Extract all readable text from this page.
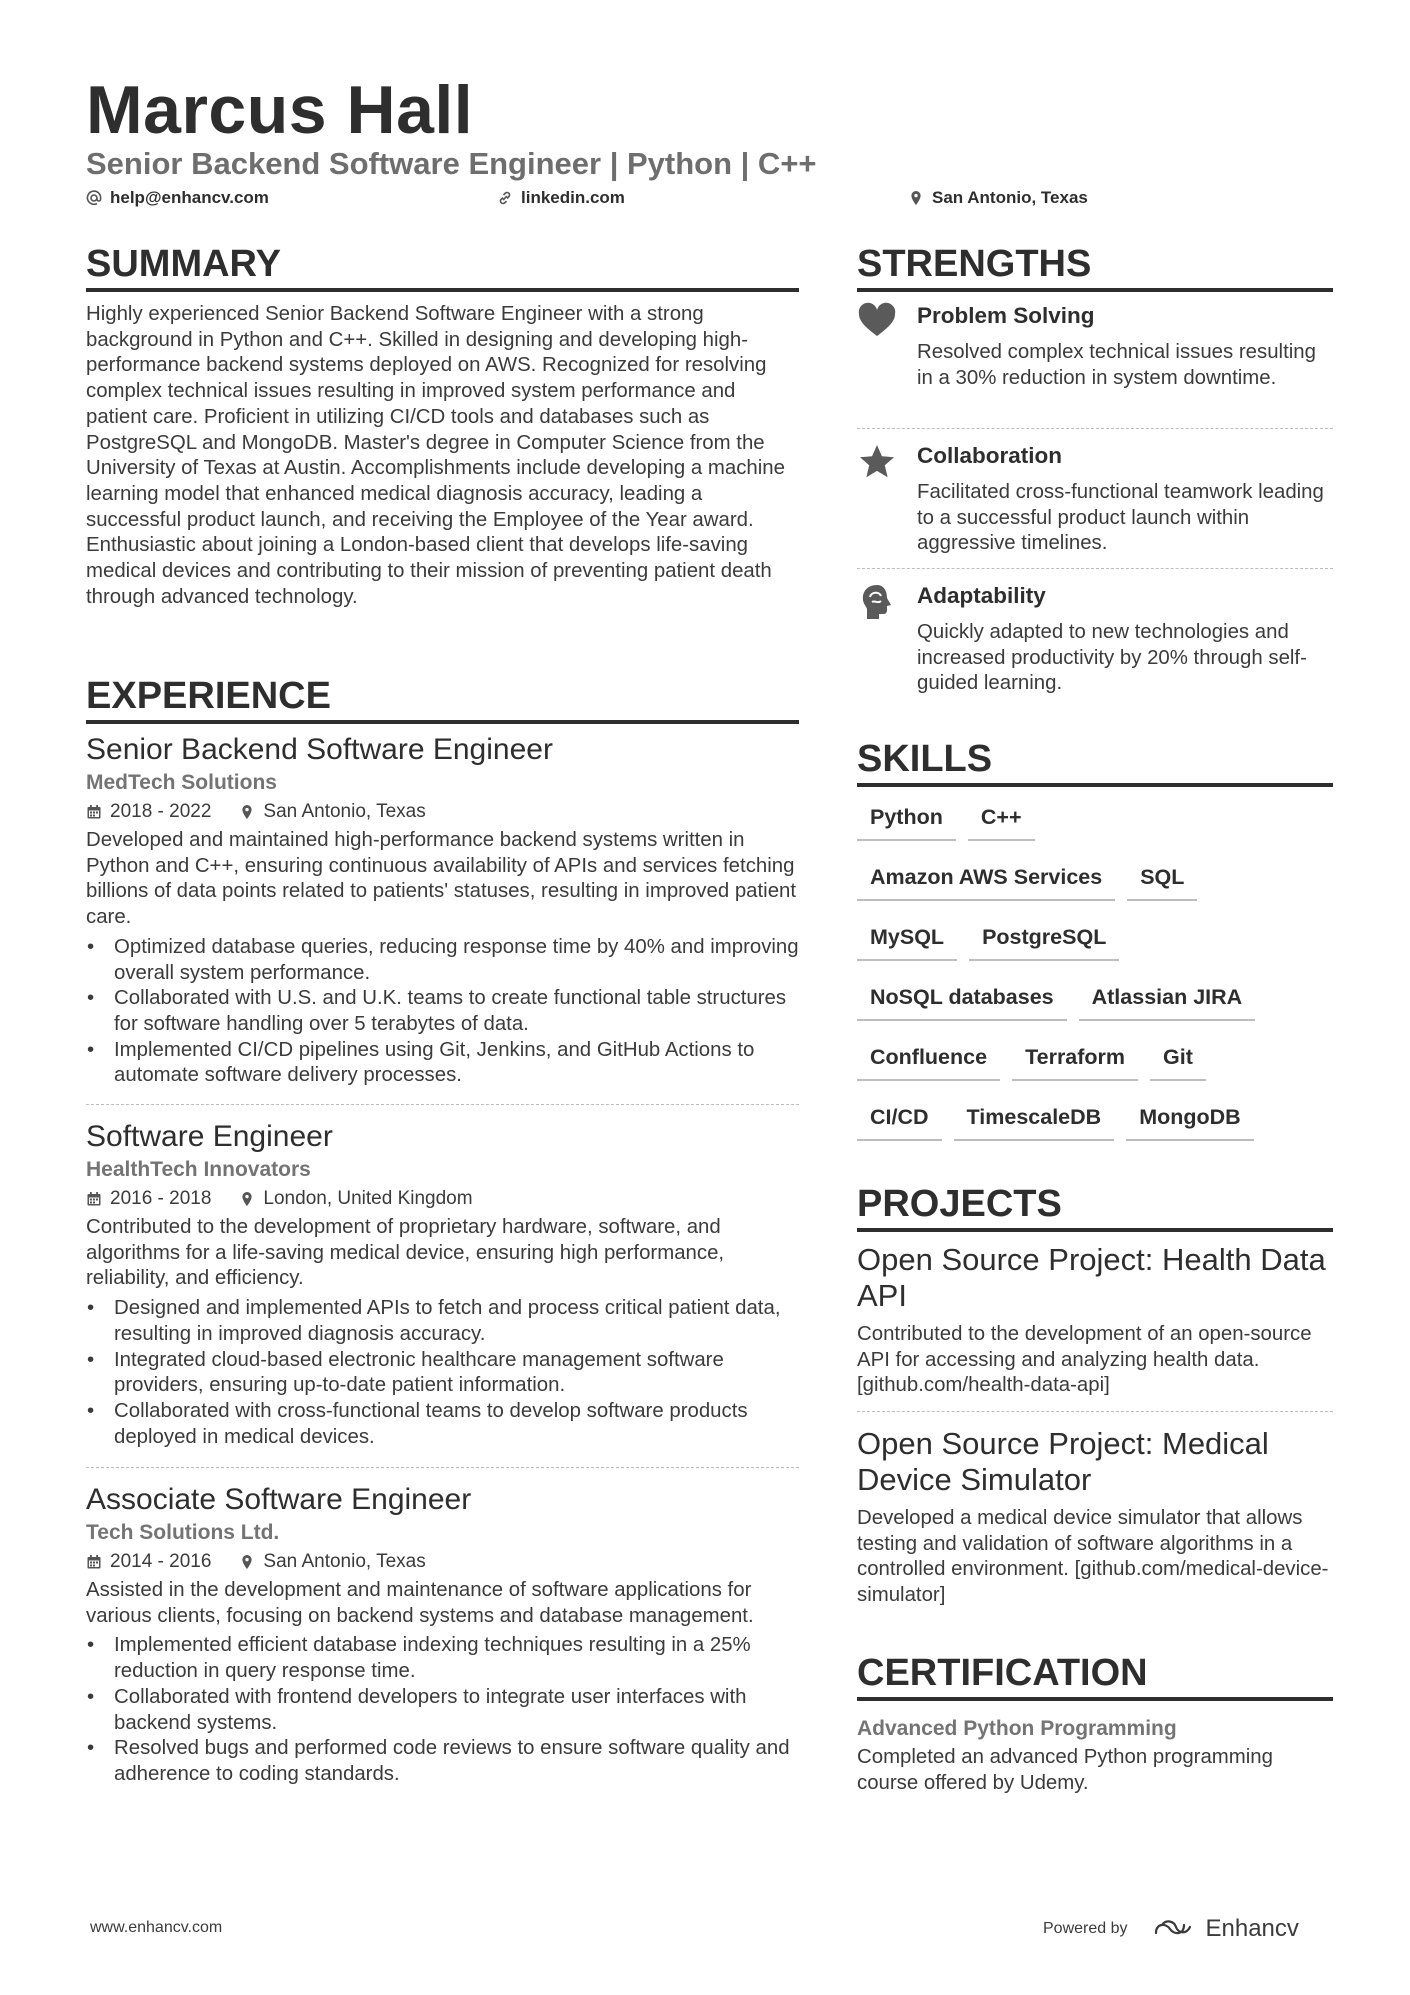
Marcus Hall
Senior Backend Software Engineer | Python | C++
help@enhancv.com	linkedin.com	San Antonio, Texas
SUMMARY
Highly experienced Senior Backend Software Engineer with a strong background in Python and C++. Skilled in designing and developing high-performance backend systems deployed on AWS. Recognized for resolving complex technical issues resulting in improved system performance and patient care. Proficient in utilizing CI/CD tools and databases such as PostgreSQL and MongoDB. Master's degree in Computer Science from the University of Texas at Austin. Accomplishments include developing a machine learning model that enhanced medical diagnosis accuracy, leading a successful product launch, and receiving the Employee of the Year award. Enthusiastic about joining a London-based client that develops life-saving medical devices and contributing to their mission of preventing patient death through advanced technology.
EXPERIENCE
Senior Backend Software Engineer
MedTech Solutions
2018 - 2022	San Antonio, Texas
Developed and maintained high-performance backend systems written in Python and C++, ensuring continuous availability of APIs and services fetching billions of data points related to patients' statuses, resulting in improved patient care.
• Optimized database queries, reducing response time by 40% and improving overall system performance.
• Collaborated with U.S. and U.K. teams to create functional table structures for software handling over 5 terabytes of data.
• Implemented CI/CD pipelines using Git, Jenkins, and GitHub Actions to automate software delivery processes.
Software Engineer
HealthTech Innovators
2016 - 2018	London, United Kingdom
Contributed to the development of proprietary hardware, software, and algorithms for a life-saving medical device, ensuring high performance, reliability, and efficiency.
• Designed and implemented APIs to fetch and process critical patient data, resulting in improved diagnosis accuracy.
• Integrated cloud-based electronic healthcare management software providers, ensuring up-to-date patient information.
• Collaborated with cross-functional teams to develop software products deployed in medical devices.
Associate Software Engineer
Tech Solutions Ltd.
2014 - 2016	San Antonio, Texas
Assisted in the development and maintenance of software applications for various clients, focusing on backend systems and database management.
• Implemented efficient database indexing techniques resulting in a 25% reduction in query response time.
• Collaborated with frontend developers to integrate user interfaces with backend systems.
• Resolved bugs and performed code reviews to ensure software quality and adherence to coding standards.
STRENGTHS
Problem Solving
Resolved complex technical issues resulting in a 30% reduction in system downtime.
Collaboration
Facilitated cross-functional teamwork leading to a successful product launch within aggressive timelines.
Adaptability
Quickly adapted to new technologies and increased productivity by 20% through self-guided learning.
SKILLS
Python	C++
Amazon AWS Services	SQL
MySQL	PostgreSQL
NoSQL databases	Atlassian JIRA
Confluence	Terraform	Git
CI/CD	TimescaleDB	MongoDB
PROJECTS
Open Source Project: Health Data API
Contributed to the development of an open-source API for accessing and analyzing health data. [github.com/health-data-api]
Open Source Project: Medical Device Simulator
Developed a medical device simulator that allows testing and validation of software algorithms in a controlled environment. [github.com/medical-device-simulator]
CERTIFICATION
Advanced Python Programming
Completed an advanced Python programming course offered by Udemy.
www.enhancv.com	Powered by	Enhancv
